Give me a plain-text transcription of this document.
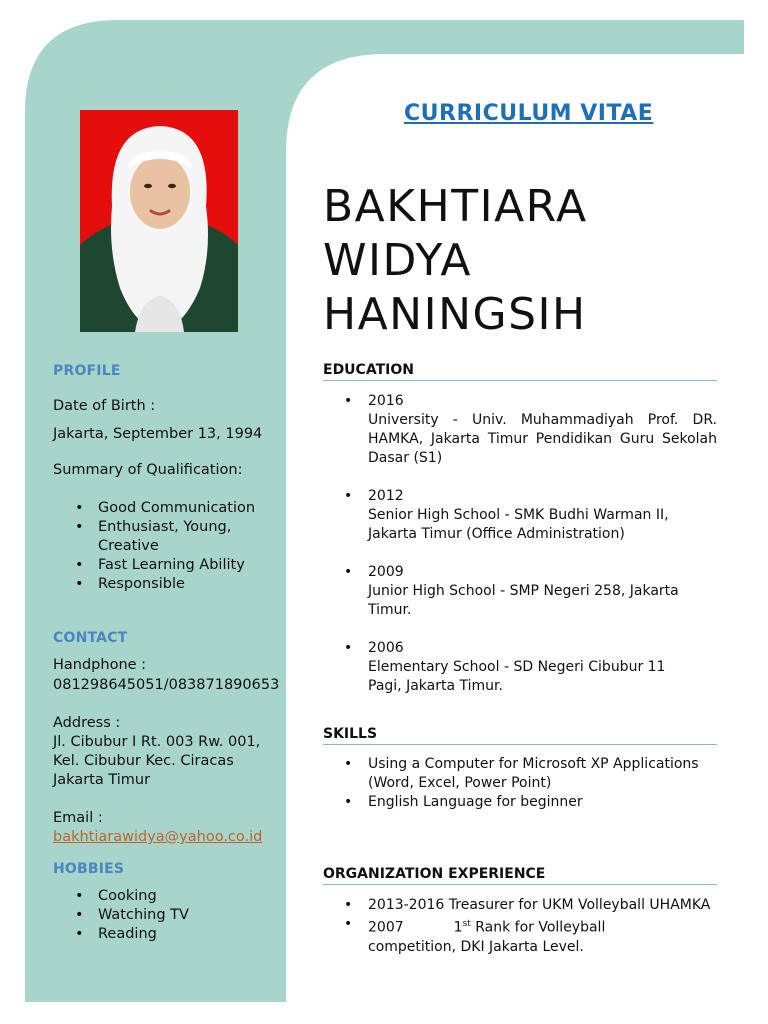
PROFILE
Date of Birth :
Jakarta, September 13, 1994
Summary of Qualification:
• Good Communication
• Enthusiast, Young, Creative
• Fast Learning Ability
• Responsible
CONTACT
Handphone :
081298645051/083871890653
Address :
Jl. Cibubur I Rt. 003 Rw. 001,
Kel. Cibubur Kec. Ciracas
Jakarta Timur
Email :
bakhtiarawidya@yahoo.co.id
HOBBIES
• Cooking
• Watching TV
• Reading
CURRICULUM VITAE
BAKHTIARA
WIDYA
HANINGSIH
EDUCATION
• 2016
University - Univ. Muhammadiyah Prof. DR. HAMKA, Jakarta Timur Pendidikan Guru Sekolah Dasar (S1)
• 2012
Senior High School - SMK Budhi Warman II, Jakarta Timur (Office Administration)
• 2009
Junior High School - SMP Negeri 258, Jakarta Timur.
• 2006
Elementary School - SD Negeri Cibubur 11 Pagi, Jakarta Timur.
SKILLS
• Using a Computer for Microsoft XP Applications (Word, Excel, Power Point)
• English Language for beginner
ORGANIZATION EXPERIENCE
• 2013-2016 Treasurer for UKM Volleyball UHAMKA
• 2007	1st Rank for Volleyball competition, DKI Jakarta Level.
